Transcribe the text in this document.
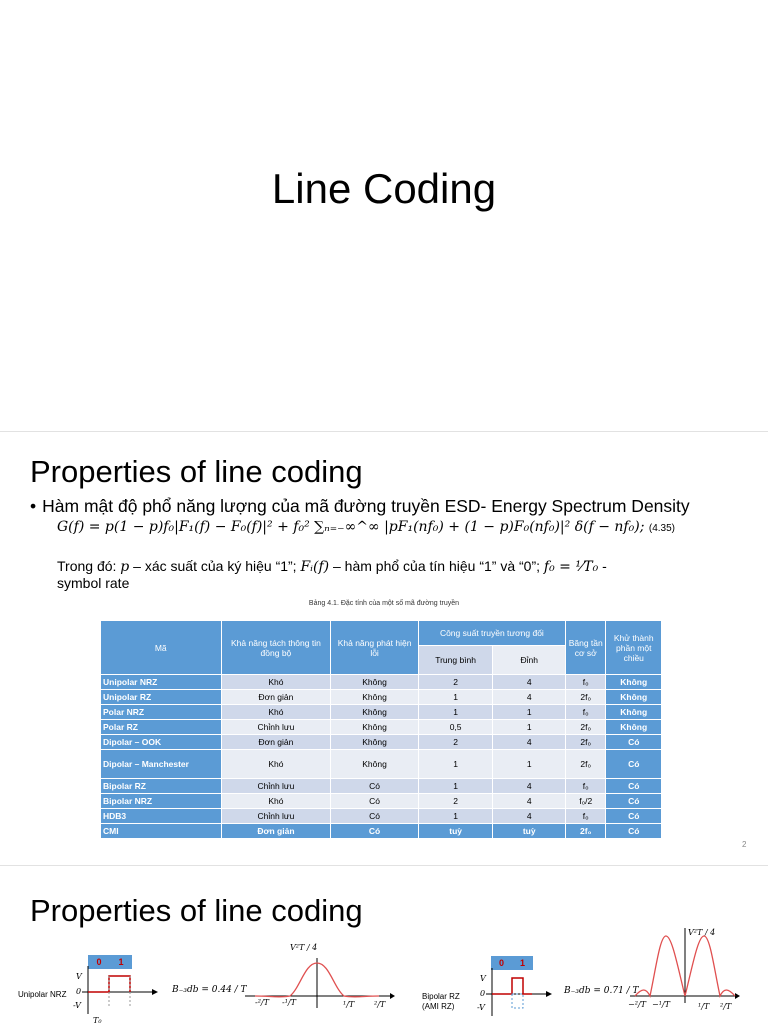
Line Coding
Properties of line coding
• Hàm mật độ phổ năng lượng của mã đường truyền ESD- Energy Spectrum Density
G(f) = p(1 − p)f₀|F₁(f) − F₀(f)|² + f₀² ∑ₙ₌₋∞^∞ |pF₁(nf₀) + (1 − p)F₀(nf₀)|² δ(f − nf₀); (4.35)
Trong đó: p – xác suất của ký hiệu “1”; Fᵢ(f) – hàm phổ của tín hiệu “1” và “0”; f₀ = ¹⁄T₀ -
symbol rate
Bảng 4.1. Đặc tính của một số mã đường truyền
Mã	Khả năng tách thông tin đồng bộ	Khả năng phát hiện lỗi	Công suất truyền tương đối		Băng tần cơ sở	Khử thành phần một chiều
			Trung bình	Đỉnh		
Unipolar NRZ	Khó	Không	2	4	f₀	Không
Unipolar RZ	Đơn giản	Không	1	4	2f₀	Không
Polar NRZ	Khó	Không	1	1	f₀	Không
Polar RZ	Chỉnh lưu	Không	0,5	1	2f₀	Không
Dipolar – OOK	Đơn giản	Không	2	4	2f₀	Có
Dipolar – Manchester	Khó	Không	1	1	2f₀	Có
Bipolar RZ	Chỉnh lưu	Có	1	4	f₀	Có
Bipolar NRZ	Khó	Có	2	4	f₀/2	Có
HDB3	Chỉnh lưu	Có	1	4	f₀	Có
CMI	Đơn giản	Có	tuỳ	tuỳ	2f₀	Có
2
Properties of line coding
Unipolar NRZ
0 1
V
0
-V
T₀
B₋₃db = 0.44 / T
V²T / 4
-²/T -¹/T	¹/T ²/T
Bipolar RZ
(AMI RZ)
0 1
V
0
-V
B₋₃db = 0.71 / T
V²T / 4
−²/T −¹/T	¹/T ²/T
